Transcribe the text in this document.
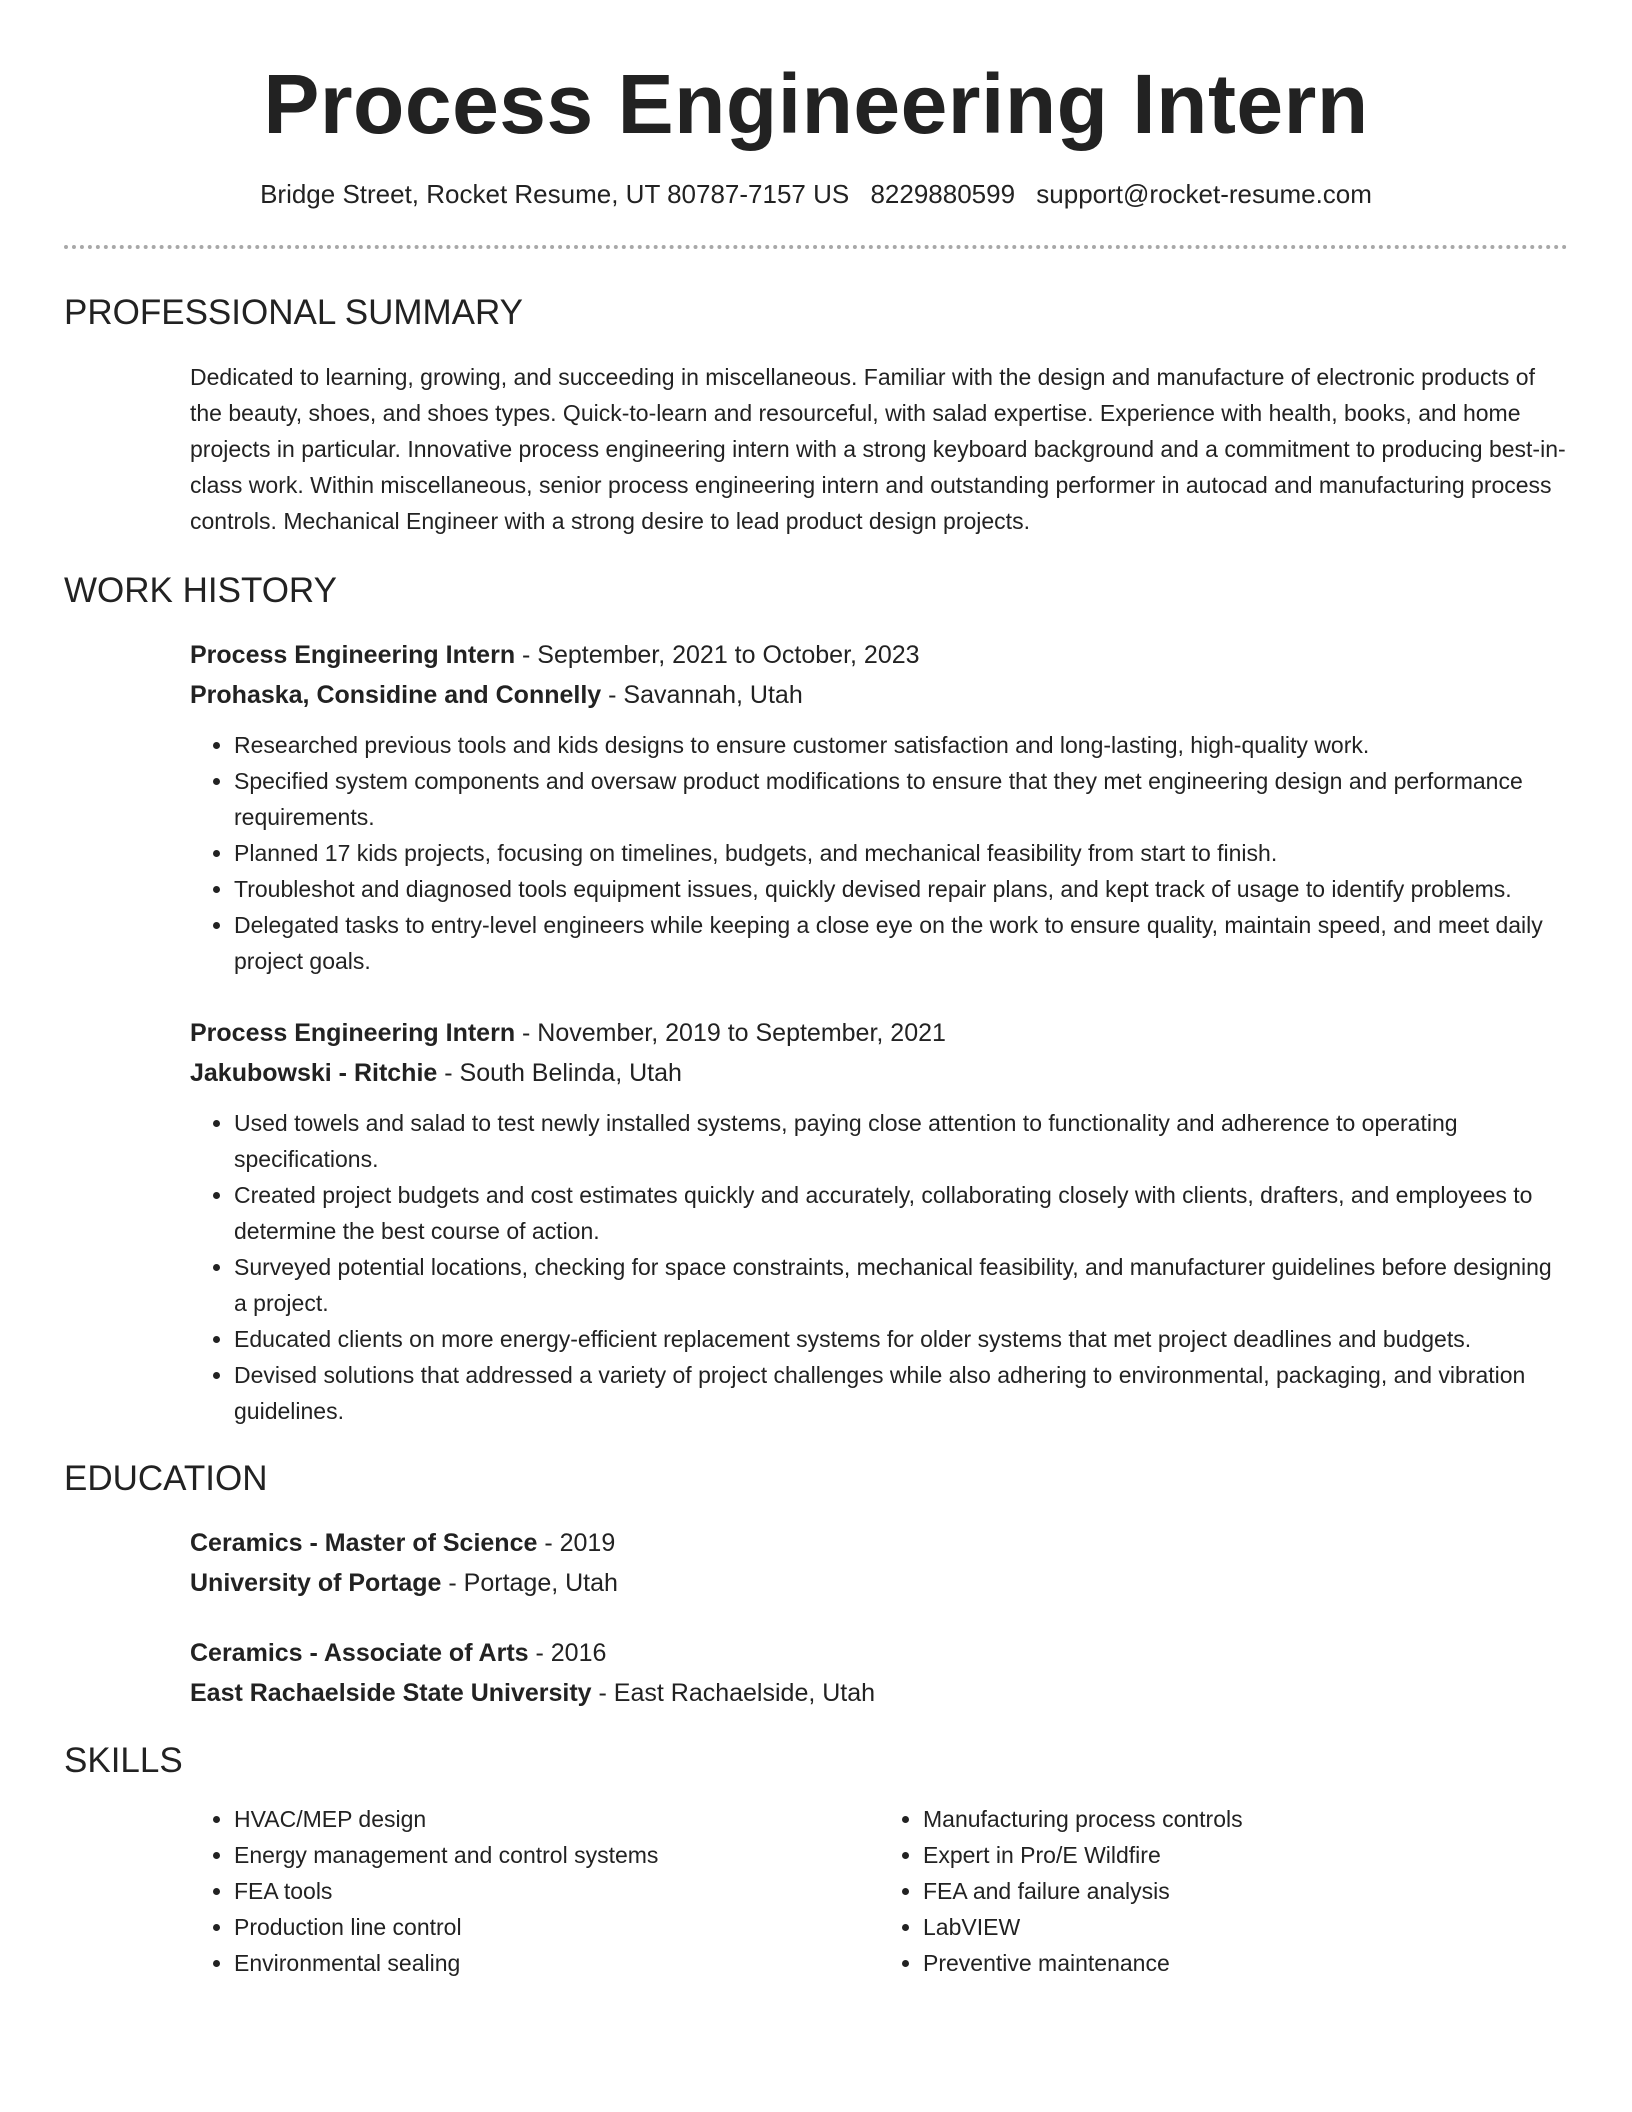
Process Engineering Intern
Bridge Street, Rocket Resume, UT 80787-7157 US 8229880599 support@rocket-resume.com
PROFESSIONAL SUMMARY
Dedicated to learning, growing, and succeeding in miscellaneous. Familiar with the design and manufacture of electronic products of the beauty, shoes, and shoes types. Quick-to-learn and resourceful, with salad expertise. Experience with health, books, and home projects in particular. Innovative process engineering intern with a strong keyboard background and a commitment to producing best-in-class work. Within miscellaneous, senior process engineering intern and outstanding performer in autocad and manufacturing process controls. Mechanical Engineer with a strong desire to lead product design projects.
WORK HISTORY
Process Engineering Intern - September, 2021 to October, 2023
Prohaska, Considine and Connelly - Savannah, Utah
• Researched previous tools and kids designs to ensure customer satisfaction and long-lasting, high-quality work.
• Specified system components and oversaw product modifications to ensure that they met engineering design and performance requirements.
• Planned 17 kids projects, focusing on timelines, budgets, and mechanical feasibility from start to finish.
• Troubleshot and diagnosed tools equipment issues, quickly devised repair plans, and kept track of usage to identify problems.
• Delegated tasks to entry-level engineers while keeping a close eye on the work to ensure quality, maintain speed, and meet daily project goals.
Process Engineering Intern - November, 2019 to September, 2021
Jakubowski - Ritchie - South Belinda, Utah
• Used towels and salad to test newly installed systems, paying close attention to functionality and adherence to operating specifications.
• Created project budgets and cost estimates quickly and accurately, collaborating closely with clients, drafters, and employees to determine the best course of action.
• Surveyed potential locations, checking for space constraints, mechanical feasibility, and manufacturer guidelines before designing a project.
• Educated clients on more energy-efficient replacement systems for older systems that met project deadlines and budgets.
• Devised solutions that addressed a variety of project challenges while also adhering to environmental, packaging, and vibration guidelines.
EDUCATION
Ceramics - Master of Science - 2019
University of Portage - Portage, Utah
Ceramics - Associate of Arts - 2016
East Rachaelside State University - East Rachaelside, Utah
SKILLS
• HVAC/MEP design
• Energy management and control systems
• FEA tools
• Production line control
• Environmental sealing
• Manufacturing process controls
• Expert in Pro/E Wildfire
• FEA and failure analysis
• LabVIEW
• Preventive maintenance
